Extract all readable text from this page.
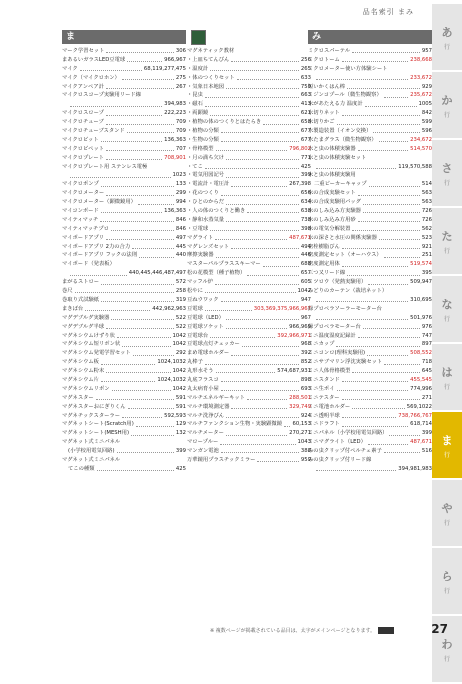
品名索引 まみ
ま
マーク学習セット	306
まあるいガラスLED豆電球	966,967
マイク	68,119,277,475
マイク（マイクロホン）	275
マイクアンペア計	267
マイクロスコープ実験用リード線
394,983
マイクロスロープ	222,223
マイクロチューブ	709
マイクロチューブスタンド	709
マイクロピット	136,363
マイクロピペット	707
マイクロプレート	708,901
マイクロプレート用 ステンレス電極
1023
マイクロポンプ	133
マイクロメーター	299
マイクロメーター（顕微鏡用）	994
マイコンボード	136,363
マイティマッチ	846
マイティマッチプロ	846
マイボードアプリ	497
マイボードアプリ 2力の合力	445
マイボードアプリ フックの法則	440
マイボード（発表板）
440,445,446,487,497
まがるストロー	572
巻尺	258
巻取り式試験紙	319
まきば台	442,962,963
マグデブルグ実験器	522
マグデブルグ半球	522
マグネシウムけずり状	1042
マグネシウム短リボン状	1042
マグネシウム発電学習セット	292
マグネシウム板	1024,1032
マグネシウム粉末	1042
マグネシウム片	1024,1032
マグネシウムリボン	1042
マグネスター	591
マグネスターおにぎりくん	591
マグネチックスターラー	592,593
マグネットシート(Scratch用)	129
マグネットシート(MESH用)	132
マグネット式ミニパネル
(小学校用電気回路)	399
マグネット式ミニパネル
てこの種類	425
マグネティック教材
・上皿ちてんびん	256
・温度計	265
・体のつくりセット	633
・気象日本地図	750
・昆虫	663
・磁石	413
・両顕鏡	621
・植物の体のつくりとはたらき	658
・植物の分類	677
・生物の分類	677
・骨格模型	796,802
・月の満ち欠け	771
・てこ	425
・電気用図記号	399
・電流計・電圧計	267,398
・花のつくり	656
・ひとのからだ	634
・人の体のつくりと働き	638
・静和水蒸気量	738
・豆電球	398
マグライト	487,671
マグレンズセット	494
摩擦実験器	446
マスターパルプラススキーマー	688
松の花模型（種子植物）	657
マッフル炉	605
松やに	1042
豆ねウワック	947
豆電球	303,369,375,966,967
豆電球（LED）	967
豆電球ソケット	966,969
豆電球台	392,966,971
豆電球点灯チェッカー	968
まめ電球ホルダー	392
丸棒子	852
丸形水そう	574,687,931
丸底フラスコ	898
丸太病育小屋	693
マルチエネルギーキット	288,501
マルチ環境測定器	329,749
マルチ洗浄びん	924
マルチファンクション生物・実験顕微鏡 60,153
マルチメーター	270,271
マロープルー	1043
マンガン電池	388
万華鏡用プラスチックミラー	959
み
ミクロスパーテル	957
ミクロトーム	238,668
ミクロメーター使い方体験シート
233,672
短いかくはん棒	929
ミジンコプール（微生物観察）	235,672
水があたえる力 温度計	1005
水切りネット	842
水切りかご	599
水製造装置（イオン交換）	596
水たまグラス（微生物観察）	234,672
水と虫の体積実験器	514,570
水と虫の体積実験セット
119,570,588
水と虫の体積実験用
二重ビーカーキャップ	514
水の合成実験セット	563
水の合成実験用バッグ	563
水のしみ込み方実験器	726
水のしみ込み方用砂	726
水の電気分解装置	562
水の深さと水圧の関係実験器	523
密栓樹脂びん	921
密度測定セット（オーハウス）	251
密度測定用体	519,574
三つ又リード線	395
ミツロウ（発熱実験用）	509,947
みどりのカーテン（栽培ネット）
310,695
緑プロペラソーラーモーター台
501,976
緑プロペラモーター台	976
ミニ温度湿度記録計	747
ミニカップ	897
ミニコンロ(理科実験用)	508,552
ミニサブマリン浮沈実験セット	718
ミニ人体骨格模型	645
ミニスタンド	455,545
ミニ生ポイ	774,996
ミニテスター	271
ミニ電池ホルダー	569,1022
ミニ透明半球	738,766,767
ミニドラフト	618,714
ミニパネル（小学校用電気回路）	399
ミニマグライト（LED）	487,671
みの虫クリップ付ペルチェ素子	516
みの虫クリップ付リード線
394,981,983
あ
行
か
行
さ
行
た
行
な
行
は
行
ま
行
や
行
ら
行
わ
行
※ 複数ページが掲載されている品目は、太字がメインページとなります。	27
